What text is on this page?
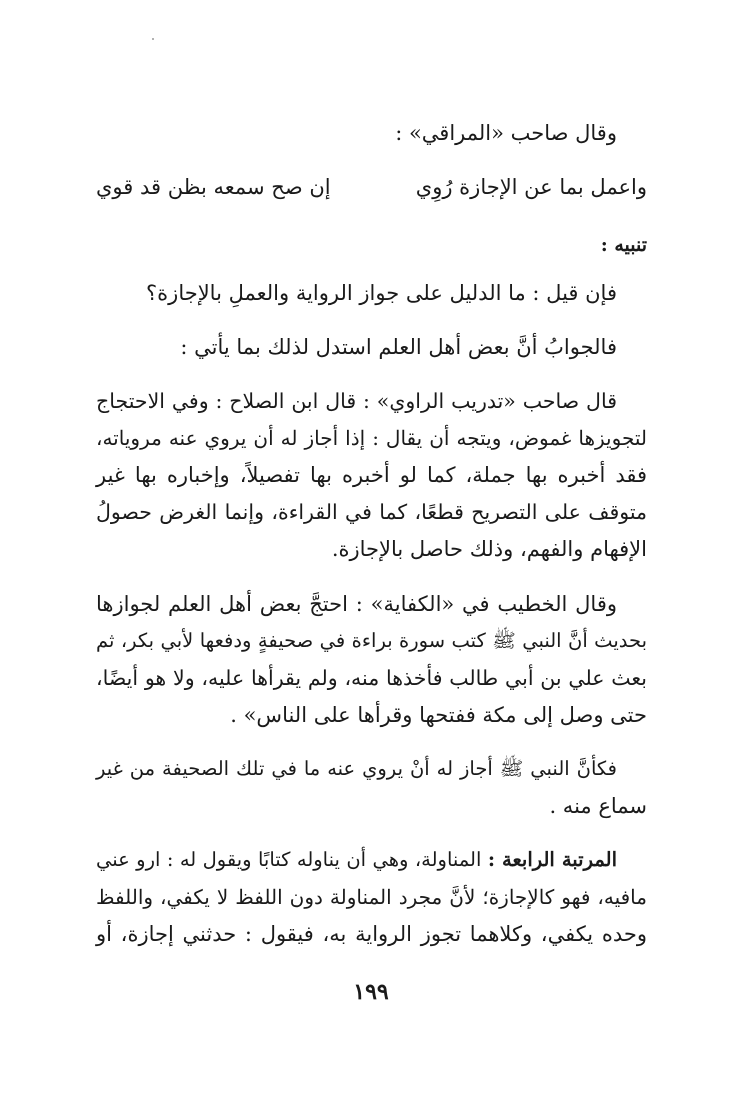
وقال صاحب «المراقي» :
واعمل بما عن الإجازة رُوِي
إن صح سمعه بظن قد قوي
تنبيه :
فإن قيل : ما الدليل على جواز الرواية والعملِ بالإجازة؟
فالجوابُ أنَّ بعض أهل العلم استدل لذلك بما يأتي :
قال صاحب «تدريب الراوي» : قال ابن الصلاح : وفي الاحتجاج
لتجويزها غموض، ويتجه أن يقال : إذا أجاز له أن يروي عنه مروياته،
فقد أخبره بها جملة، كما لو أخبره بها تفصيلاً، وإخباره بها غير
متوقف على التصريح قطعًا، كما في القراءة، وإنما الغرض حصولُ
الإفهام والفهم، وذلك حاصل بالإجازة.
وقال الخطيب في «الكفاية» : احتجَّ بعض أهل العلم لجوازها
بحديث أنَّ النبي ﷺ كتب سورة براءة في صحيفةٍ ودفعها لأبي بكر، ثم
بعث علي بن أبي طالب فأخذها منه، ولم يقرأها عليه، ولا هو أيضًا،
حتى وصل إلى مكة ففتحها وقرأها على الناس» .
فكأنَّ النبي ﷺ أجاز له أنْ يروي عنه ما في تلك الصحيفة من غير
سماع منه .
المرتبة الرابعة : المناولة، وهي أن يناوله كتابًا ويقول له : ارو عني
مافيه، فهو كالإجازة؛ لأنَّ مجرد المناولة دون اللفظ لا يكفي، واللفظ
وحده يكفي، وكلاهما تجوز الرواية به، فيقول : حدثني إجازة، أو
١٩٩
